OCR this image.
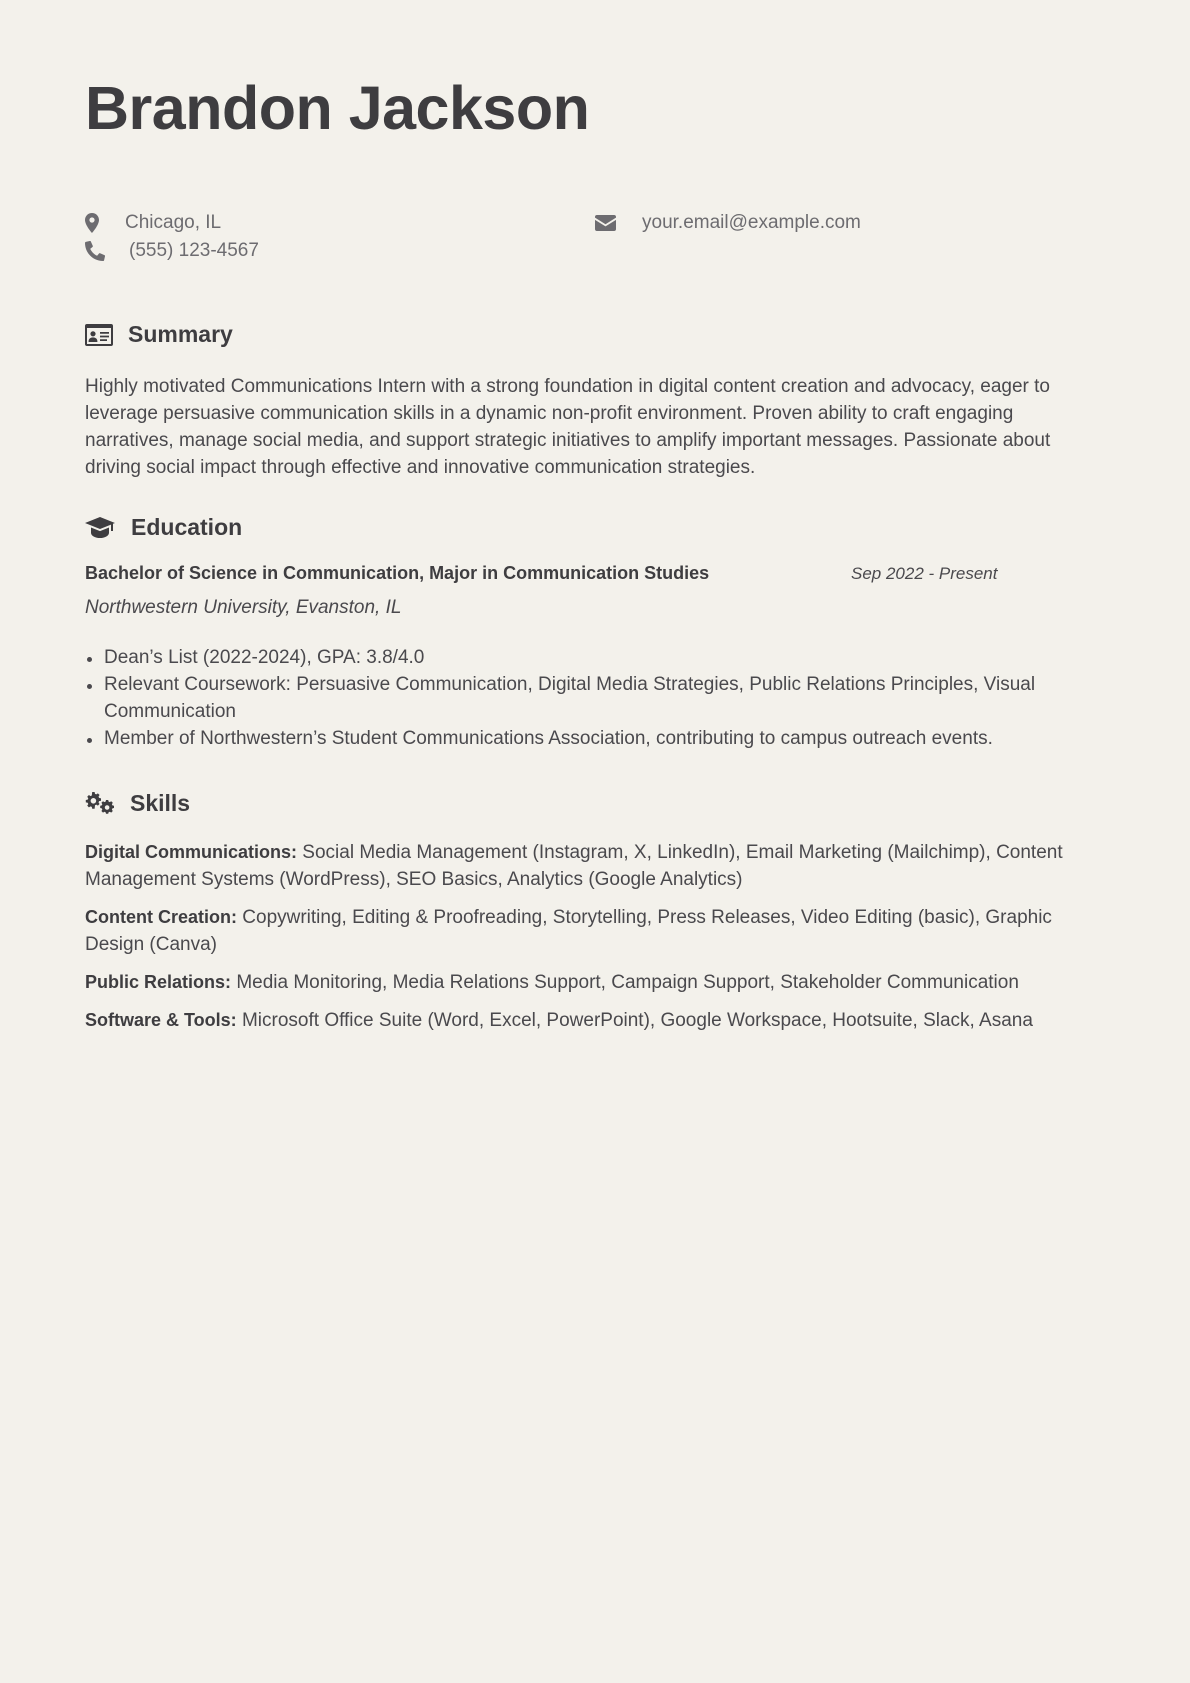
Brandon Jackson
Chicago, IL
(555) 123-4567
your.email@example.com
Summary

Highly motivated Communications Intern with a strong foundation in digital content creation and advocacy, eager to leverage persuasive communication skills in a dynamic non-profit environment. Proven ability to craft engaging narratives, manage social media, and support strategic initiatives to amplify important messages. Passionate about driving social impact through effective and innovative communication strategies.

Education
Bachelor of Science in Communication, Major in Communication Studies	Sep 2022 - Present
Northwestern University, Evanston, IL
Dean’s List (2022-2024), GPA: 3.8/4.0
Relevant Coursework: Persuasive Communication, Digital Media Strategies, Public Relations Principles, Visual Communication
Member of Northwestern’s Student Communications Association, contributing to campus outreach events.
Skills

Digital Communications: Social Media Management (Instagram, X, LinkedIn), Email Marketing (Mailchimp), Content Management Systems (WordPress), SEO Basics, Analytics (Google Analytics)

Content Creation: Copywriting, Editing & Proofreading, Storytelling, Press Releases, Video Editing (basic), Graphic Design (Canva)

Public Relations: Media Monitoring, Media Relations Support, Campaign Support, Stakeholder Communication

Software & Tools: Microsoft Office Suite (Word, Excel, PowerPoint), Google Workspace, Hootsuite, Slack, Asana
